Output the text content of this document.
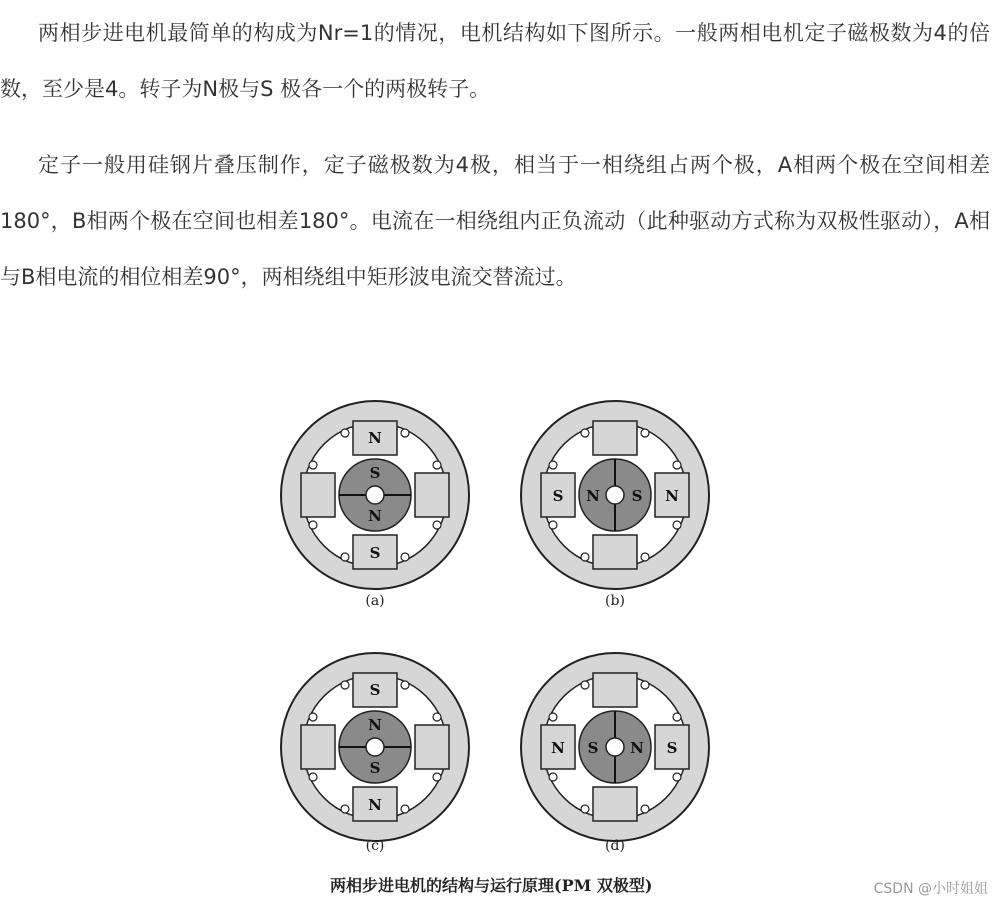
两相步进电机最简单的构成为Nr=1的情况，电机结构如下图所示。一般两相电机定子磁极数为4的倍数，至少是4。转子为N极与S 极各一个的两极转子。

定子一般用硅钢片叠压制作，定子磁极数为4极，相当于一相绕组占两个极，A相两个极在空间相差180°，B相两个极在空间也相差180°。电流在一相绕组内正负流动（此种驱动方式称为双极性驱动），A相与B相电流的相位相差90°，两相绕组中矩形波电流交替流过。

S
N
N
S
(a)
N S
S	N
(b)
N
S
S
N
(c)
S N
N	S
(d)
两相步进电机的结构与运行原理(PM 双极型)	CSDN @小时姐姐
